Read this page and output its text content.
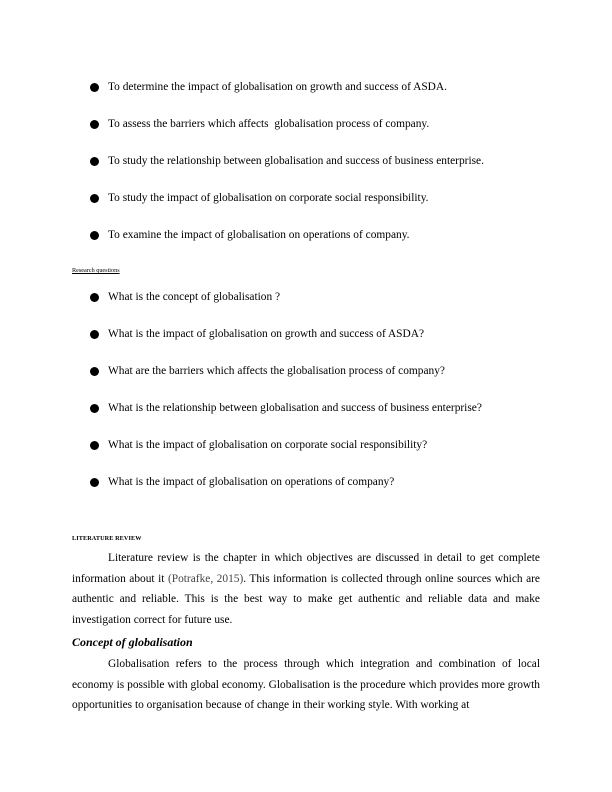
To determine the impact of globalisation on growth and success of ASDA.
To assess the barriers which affects  globalisation process of company.
To study the relationship between globalisation and success of business enterprise.
To study the impact of globalisation on corporate social responsibility.
To examine the impact of globalisation on operations of company.
Research questions
What is the concept of globalisation ?
What is the impact of globalisation on growth and success of ASDA?
What are the barriers which affects the globalisation process of company?
What is the relationship between globalisation and success of business enterprise?
What is the impact of globalisation on corporate social responsibility?
What is the impact of globalisation on operations of company?
LITERATURE REVIEW

Literature review is the chapter in which objectives are discussed in detail to get complete information about it (Potrafke, 2015). This information is collected through online sources which are authentic and reliable. This is the best way to make get authentic and reliable data and make investigation correct for future use.

Concept of globalisation

Globalisation refers to the process through which integration and combination of local economy is possible with global economy. Globalisation is the procedure which provides more growth opportunities to organisation because of change in their working style. With working at
